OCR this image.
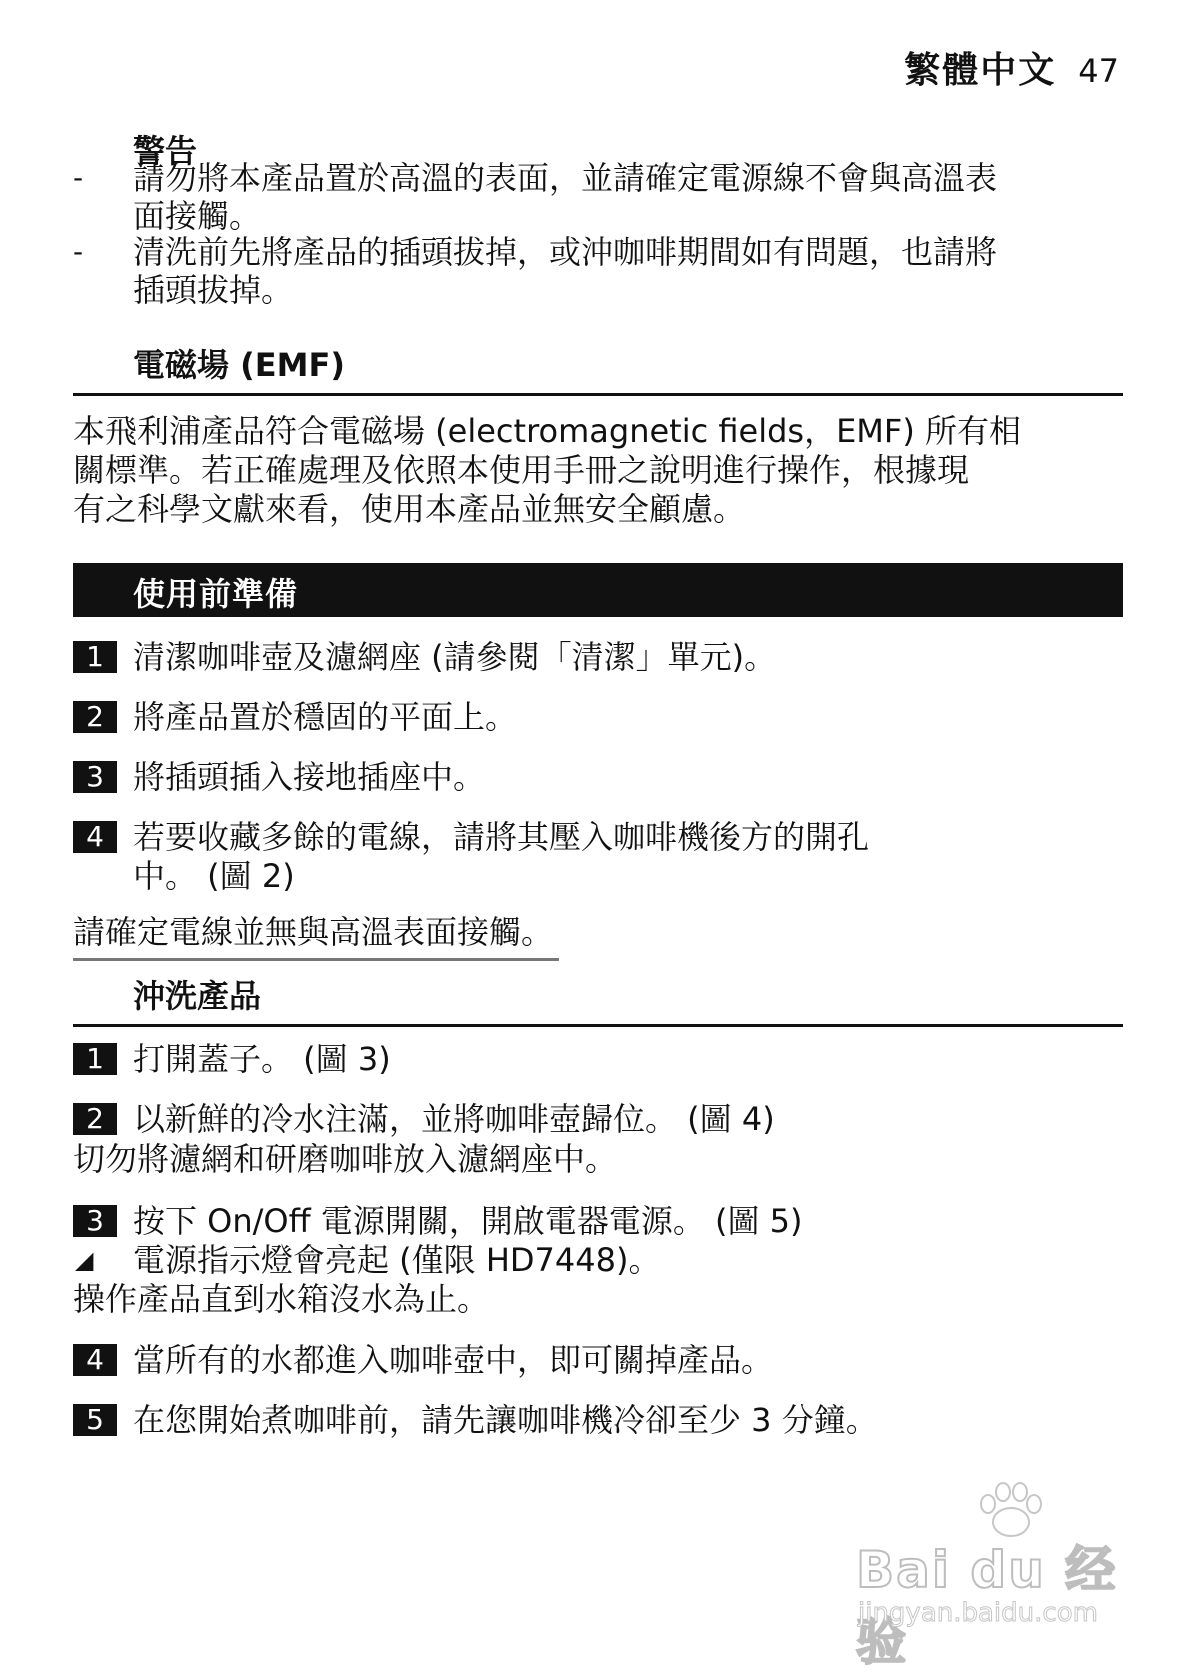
繁體中文 47
警告
- 請勿將本產品置於高溫的表面，並請確定電源線不會與高溫表
面接觸。
- 清洗前先將產品的插頭拔掉，或沖咖啡期間如有問題，也請將
插頭拔掉。
電磁場 (EMF)
本飛利浦產品符合電磁場 (electromagnetic fields，EMF) 所有相
關標準。若正確處理及依照本使用手冊之說明進行操作，根據現
有之科學文獻來看，使用本產品並無安全顧慮。
使用前準備
1 清潔咖啡壺及濾網座 (請參閱「清潔」單元)。
2 將產品置於穩固的平面上。
3 將插頭插入接地插座中。
4 若要收藏多餘的電線，請將其壓入咖啡機後方的開孔
中。 (圖 2)
請確定電線並無與高溫表面接觸。
沖洗產品
1 打開蓋子。 (圖 3)
2 以新鮮的冷水注滿，並將咖啡壺歸位。 (圖 4)
切勿將濾網和研磨咖啡放入濾網座中。
3 按下 On/Off 電源開關，開啟電器電源。 (圖 5)
◢ 電源指示燈會亮起 (僅限 HD7448)。
操作產品直到水箱沒水為止。
4 當所有的水都進入咖啡壺中，即可關掉產品。
5 在您開始煮咖啡前，請先讓咖啡機冷卻至少 3 分鐘。
Bai du 经验
jingyan.baidu.com
